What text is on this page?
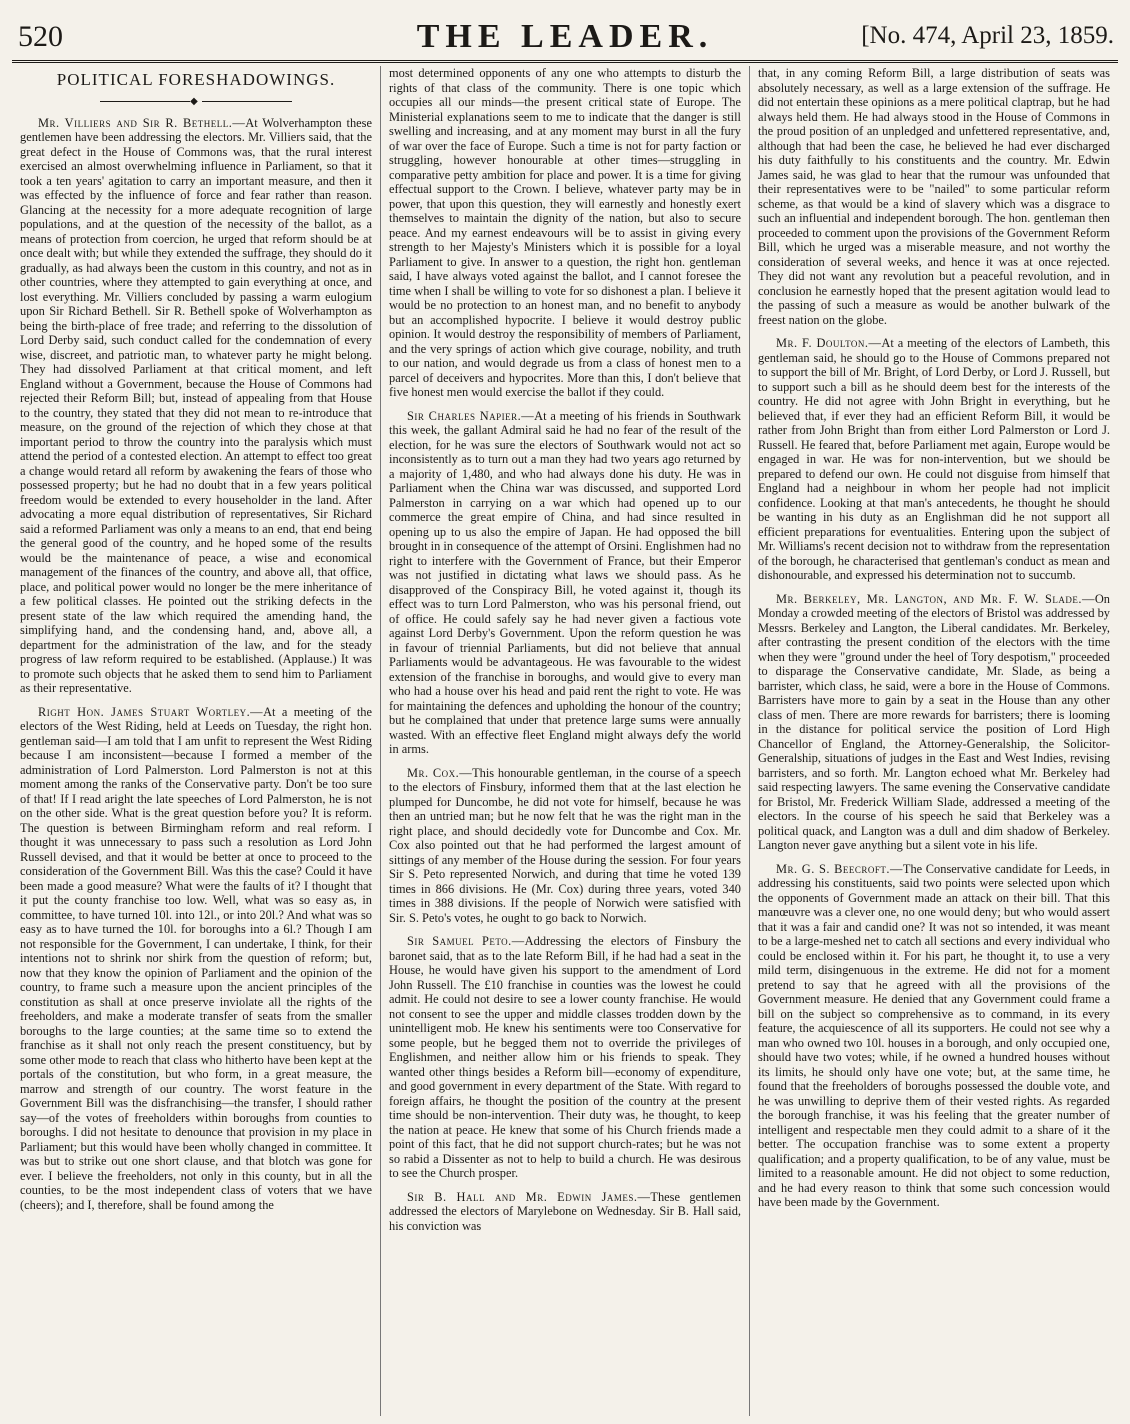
520	THE LEADER.	[No. 474, April 23, 1859.
POLITICAL FORESHADOWINGS.
◆

Mr. Villiers and Sir R. Bethell.—At Wolverhampton these gentlemen have been addressing the electors. Mr. Villiers said, that the great defect in the House of Commons was, that the rural interest exercised an almost overwhelming influence in Parliament, so that it took a ten years' agitation to carry an important measure, and then it was effected by the influence of force and fear rather than reason. Glancing at the necessity for a more adequate recognition of large populations, and at the question of the necessity of the ballot, as a means of protection from coercion, he urged that reform should be at once dealt with; but while they extended the suffrage, they should do it gradually, as had always been the custom in this country, and not as in other countries, where they attempted to gain everything at once, and lost everything. Mr. Villiers concluded by passing a warm eulogium upon Sir Richard Bethell. Sir R. Bethell spoke of Wolverhampton as being the birth-place of free trade; and referring to the dissolution of Lord Derby said, such conduct called for the condemnation of every wise, discreet, and patriotic man, to whatever party he might belong. They had dissolved Parliament at that critical moment, and left England without a Government, because the House of Commons had rejected their Reform Bill; but, instead of appealing from that House to the country, they stated that they did not mean to re-introduce that measure, on the ground of the rejection of which they chose at that important period to throw the country into the paralysis which must attend the period of a contested election. An attempt to effect too great a change would retard all reform by awakening the fears of those who possessed property; but he had no doubt that in a few years political freedom would be extended to every householder in the land. After advocating a more equal distribution of representatives, Sir Richard said a reformed Parliament was only a means to an end, that end being the general good of the country, and he hoped some of the results would be the maintenance of peace, a wise and economical management of the finances of the country, and above all, that office, place, and political power would no longer be the mere inheritance of a few political classes. He pointed out the striking defects in the present state of the law which required the amending hand, the simplifying hand, and the condensing hand, and, above all, a department for the administration of the law, and for the steady progress of law reform required to be established. (Applause.) It was to promote such objects that he asked them to send him to Parliament as their representative.

Right Hon. James Stuart Wortley.—At a meeting of the electors of the West Riding, held at Leeds on Tuesday, the right hon. gentleman said—I am told that I am unfit to represent the West Riding because I am inconsistent—because I formed a member of the administration of Lord Palmerston. Lord Palmerston is not at this moment among the ranks of the Conservative party. Don't be too sure of that! If I read aright the late speeches of Lord Palmerston, he is not on the other side. What is the great question before you? It is reform. The question is between Birmingham reform and real reform. I thought it was unnecessary to pass such a resolution as Lord John Russell devised, and that it would be better at once to proceed to the consideration of the Government Bill. Was this the case? Could it have been made a good measure? What were the faults of it? I thought that it put the county franchise too low. Well, what was so easy as, in committee, to have turned 10l. into 12l., or into 20l.? And what was so easy as to have turned the 10l. for boroughs into a 6l.? Though I am not responsible for the Government, I can undertake, I think, for their intentions not to shrink nor shirk from the question of reform; but, now that they know the opinion of Parliament and the opinion of the country, to frame such a measure upon the ancient principles of the constitution as shall at once preserve inviolate all the rights of the freeholders, and make a moderate transfer of seats from the smaller boroughs to the large counties; at the same time so to extend the franchise as it shall not only reach the present constituency, but by some other mode to reach that class who hitherto have been kept at the portals of the constitution, but who form, in a great measure, the marrow and strength of our country. The worst feature in the Government Bill was the disfranchising—the transfer, I should rather say—of the votes of freeholders within boroughs from counties to boroughs. I did not hesitate to denounce that provision in my place in Parliament; but this would have been wholly changed in committee. It was but to strike out one short clause, and that blotch was gone for ever. I believe the freeholders, not only in this county, but in all the counties, to be the most independent class of voters that we have (cheers); and I, therefore, shall be found among the

most determined opponents of any one who attempts to disturb the rights of that class of the community. There is one topic which occupies all our minds—the present critical state of Europe. The Ministerial explanations seem to me to indicate that the danger is still swelling and increasing, and at any moment may burst in all the fury of war over the face of Europe. Such a time is not for party faction or struggling, however honourable at other times—struggling in comparative petty ambition for place and power. It is a time for giving effectual support to the Crown. I believe, whatever party may be in power, that upon this question, they will earnestly and honestly exert themselves to maintain the dignity of the nation, but also to secure peace. And my earnest endeavours will be to assist in giving every strength to her Majesty's Ministers which it is possible for a loyal Parliament to give. In answer to a question, the right hon. gentleman said, I have always voted against the ballot, and I cannot foresee the time when I shall be willing to vote for so dishonest a plan. I believe it would be no protection to an honest man, and no benefit to anybody but an accomplished hypocrite. I believe it would destroy public opinion. It would destroy the responsibility of members of Parliament, and the very springs of action which give courage, nobility, and truth to our nation, and would degrade us from a class of honest men to a parcel of deceivers and hypocrites. More than this, I don't believe that five honest men would exercise the ballot if they could.

Sir Charles Napier.—At a meeting of his friends in Southwark this week, the gallant Admiral said he had no fear of the result of the election, for he was sure the electors of Southwark would not act so inconsistently as to turn out a man they had two years ago returned by a majority of 1,480, and who had always done his duty. He was in Parliament when the China war was discussed, and supported Lord Palmerston in carrying on a war which had opened up to our commerce the great empire of China, and had since resulted in opening up to us also the empire of Japan. He had opposed the bill brought in in consequence of the attempt of Orsini. Englishmen had no right to interfere with the Government of France, but their Emperor was not justified in dictating what laws we should pass. As he disapproved of the Conspiracy Bill, he voted against it, though its effect was to turn Lord Palmerston, who was his personal friend, out of office. He could safely say he had never given a factious vote against Lord Derby's Government. Upon the reform question he was in favour of triennial Parliaments, but did not believe that annual Parliaments would be advantageous. He was favourable to the widest extension of the franchise in boroughs, and would give to every man who had a house over his head and paid rent the right to vote. He was for maintaining the defences and upholding the honour of the country; but he complained that under that pretence large sums were annually wasted. With an effective fleet England might always defy the world in arms.

Mr. Cox.—This honourable gentleman, in the course of a speech to the electors of Finsbury, informed them that at the last election he plumped for Duncombe, he did not vote for himself, because he was then an untried man; but he now felt that he was the right man in the right place, and should decidedly vote for Duncombe and Cox. Mr. Cox also pointed out that he had performed the largest amount of sittings of any member of the House during the session. For four years Sir S. Peto represented Norwich, and during that time he voted 139 times in 866 divisions. He (Mr. Cox) during three years, voted 340 times in 388 divisions. If the people of Norwich were satisfied with Sir. S. Peto's votes, he ought to go back to Norwich.

Sir Samuel Peto.—Addressing the electors of Finsbury the baronet said, that as to the late Reform Bill, if he had had a seat in the House, he would have given his support to the amendment of Lord John Russell. The £10 franchise in counties was the lowest he could admit. He could not desire to see a lower county franchise. He would not consent to see the upper and middle classes trodden down by the unintelligent mob. He knew his sentiments were too Conservative for some people, but he begged them not to override the privileges of Englishmen, and neither allow him or his friends to speak. They wanted other things besides a Reform bill—economy of expenditure, and good government in every department of the State. With regard to foreign affairs, he thought the position of the country at the present time should be non-intervention. Their duty was, he thought, to keep the nation at peace. He knew that some of his Church friends made a point of this fact, that he did not support church-rates; but he was not so rabid a Dissenter as not to help to build a church. He was desirous to see the Church prosper.

Sir B. Hall and Mr. Edwin James.—These gentlemen addressed the electors of Marylebone on Wednesday. Sir B. Hall said, his conviction was

that, in any coming Reform Bill, a large distribution of seats was absolutely necessary, as well as a large extension of the suffrage. He did not entertain these opinions as a mere political claptrap, but he had always held them. He had always stood in the House of Commons in the proud position of an unpledged and unfettered representative, and, although that had been the case, he believed he had ever discharged his duty faithfully to his constituents and the country. Mr. Edwin James said, he was glad to hear that the rumour was unfounded that their representatives were to be "nailed" to some particular reform scheme, as that would be a kind of slavery which was a disgrace to such an influential and independent borough. The hon. gentleman then proceeded to comment upon the provisions of the Government Reform Bill, which he urged was a miserable measure, and not worthy the consideration of several weeks, and hence it was at once rejected. They did not want any revolution but a peaceful revolution, and in conclusion he earnestly hoped that the present agitation would lead to the passing of such a measure as would be another bulwark of the freest nation on the globe.

Mr. F. Doulton.—At a meeting of the electors of Lambeth, this gentleman said, he should go to the House of Commons prepared not to support the bill of Mr. Bright, of Lord Derby, or Lord J. Russell, but to support such a bill as he should deem best for the interests of the country. He did not agree with John Bright in everything, but he believed that, if ever they had an efficient Reform Bill, it would be rather from John Bright than from either Lord Palmerston or Lord J. Russell. He feared that, before Parliament met again, Europe would be engaged in war. He was for non-intervention, but we should be prepared to defend our own. He could not disguise from himself that England had a neighbour in whom her people had not implicit confidence. Looking at that man's antecedents, he thought he should be wanting in his duty as an Englishman did he not support all efficient preparations for eventualities. Entering upon the subject of Mr. Williams's recent decision not to withdraw from the representation of the borough, he characterised that gentleman's conduct as mean and dishonourable, and expressed his determination not to succumb.

Mr. Berkeley, Mr. Langton, and Mr. F. W. Slade.—On Monday a crowded meeting of the electors of Bristol was addressed by Messrs. Berkeley and Langton, the Liberal candidates. Mr. Berkeley, after contrasting the present condition of the electors with the time when they were "ground under the heel of Tory despotism," proceeded to disparage the Conservative candidate, Mr. Slade, as being a barrister, which class, he said, were a bore in the House of Commons. Barristers have more to gain by a seat in the House than any other class of men. There are more rewards for barristers; there is looming in the distance for political service the position of Lord High Chancellor of England, the Attorney-Generalship, the Solicitor-Generalship, situations of judges in the East and West Indies, revising barristers, and so forth. Mr. Langton echoed what Mr. Berkeley had said respecting lawyers. The same evening the Conservative candidate for Bristol, Mr. Frederick William Slade, addressed a meeting of the electors. In the course of his speech he said that Berkeley was a political quack, and Langton was a dull and dim shadow of Berkeley. Langton never gave anything but a silent vote in his life.

Mr. G. S. Beecroft.—The Conservative candidate for Leeds, in addressing his constituents, said two points were selected upon which the opponents of Government made an attack on their bill. That this manœuvre was a clever one, no one would deny; but who would assert that it was a fair and candid one? It was not so intended, it was meant to be a large-meshed net to catch all sections and every individual who could be enclosed within it. For his part, he thought it, to use a very mild term, disingenuous in the extreme. He did not for a moment pretend to say that he agreed with all the provisions of the Government measure. He denied that any Government could frame a bill on the subject so comprehensive as to command, in its every feature, the acquiescence of all its supporters. He could not see why a man who owned two 10l. houses in a borough, and only occupied one, should have two votes; while, if he owned a hundred houses without its limits, he should only have one vote; but, at the same time, he found that the freeholders of boroughs possessed the double vote, and he was unwilling to deprive them of their vested rights. As regarded the borough franchise, it was his feeling that the greater number of intelligent and respectable men they could admit to a share of it the better. The occupation franchise was to some extent a property qualification; and a property qualification, to be of any value, must be limited to a reasonable amount. He did not object to some reduction, and he had every reason to think that some such concession would have been made by the Government.
